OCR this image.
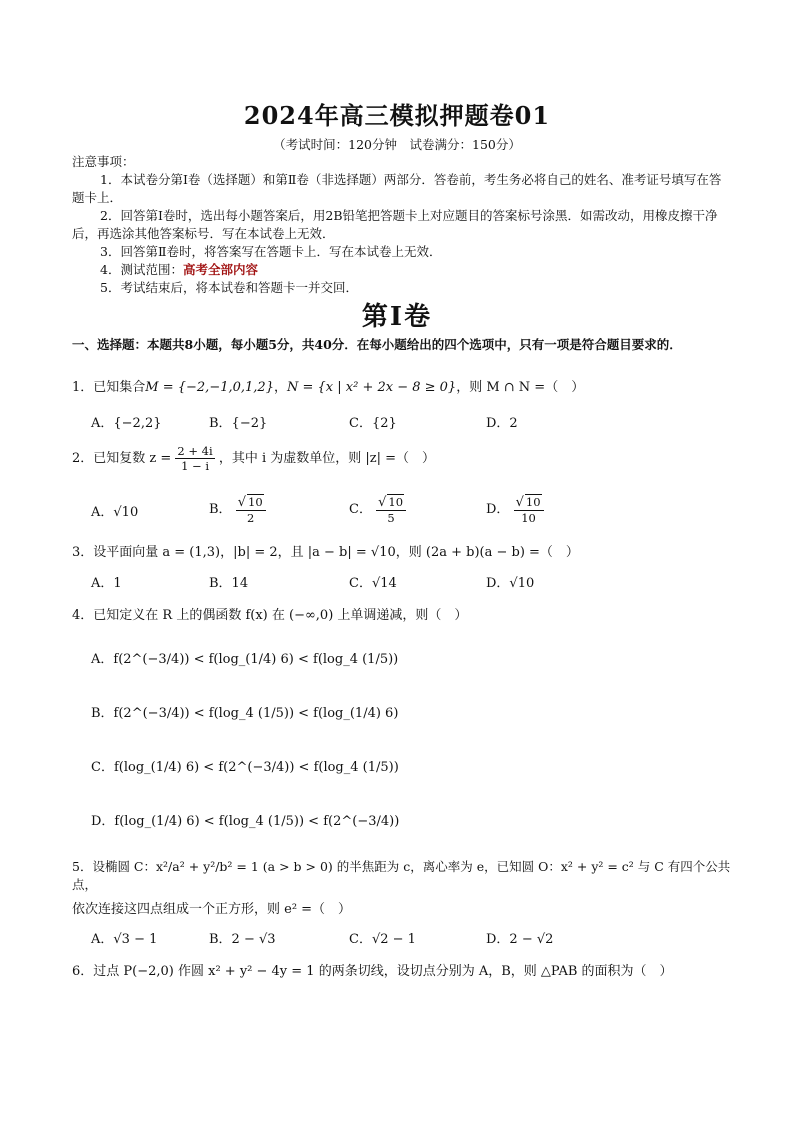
2024年高三模拟押题卷01
（考试时间：120分钟　试卷满分：150分）

注意事项：

1．本试卷分第Ⅰ卷（选择题）和第Ⅱ卷（非选择题）两部分．答卷前，考生务必将自己的姓名、准考证号填写在答题卡上．

2．回答第Ⅰ卷时，选出每小题答案后，用2B铅笔把答题卡上对应题目的答案标号涂黑．如需改动，用橡皮擦干净后，再选涂其他答案标号．写在本试卷上无效．

3．回答第Ⅱ卷时，将答案写在答题卡上．写在本试卷上无效．

4．测试范围：高考全部内容

5．考试结束后，将本试卷和答题卡一并交回．

第Ⅰ卷
一、选择题：本题共8小题，每小题5分，共40分．在每小题给出的四个选项中，只有一项是符合题目要求的．
1．已知集合M = {−2,−1,0,1,2}，N = {x | x² + 2x − 8 ≥ 0}，则 M ∩ N =（　）
A．{−2,2}	B．{−2}	C．{2}	D．2
2．已知复数 $z = \frac{2 + 4i}{1 - i}$ ，其中 i 为虚数单位，则 |z| =（　）
A．√10	B． $\frac{√ 10}{2}$	C． $\frac{√ 10}{5}$	D． $\frac{√ 10}{10}$
3．设平面向量 a = (1,3)，|b| = 2，且 |a − b| = √10，则 (2a + b)(a − b) =（　）
A．1	B．14	C．√14	D．√10
4．已知定义在 R 上的偶函数 f(x) 在 (−∞,0) 上单调递减，则（　）
A．f(2^(−3/4)) < f(log_(1/4) 6) < f(log_4 (1/5))
B．f(2^(−3/4)) < f(log_4 (1/5)) < f(log_(1/4) 6)
C．f(log_(1/4) 6) < f(2^(−3/4)) < f(log_4 (1/5))
D．f(log_(1/4) 6) < f(log_4 (1/5)) < f(2^(−3/4))
5．设椭圆 C：x²/a² + y²/b² = 1 (a > b > 0) 的半焦距为 c，离心率为 e，已知圆 O：x² + y² = c² 与 C 有四个公共点，
依次连接这四点组成一个正方形，则 e² =（　）
A．√3 − 1	B．2 − √3	C．√2 − 1	D．2 − √2
6．过点 P(−2,0) 作圆 x² + y² − 4y = 1 的两条切线，设切点分别为 A，B，则 △PAB 的面积为（　）
